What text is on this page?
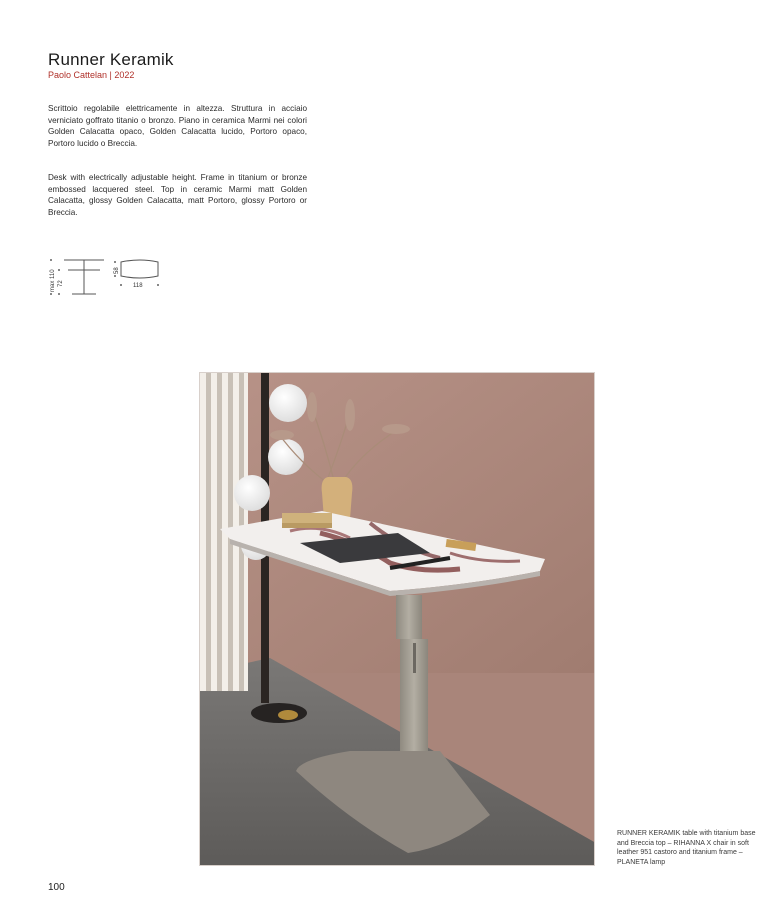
Runner Keramik
Paolo Cattelan | 2022
Scrittoio regolabile elettricamente in altezza. Struttura in acciaio verniciato goffrato titanio o bronzo. Piano in ceramica Marmi nei colori Golden Calacatta opaco, Golden Calacatta lucido, Portoro opaco, Portoro lucido o Breccia.
Desk with electrically adjustable height. Frame in titanium or bronze embossed lacquered steel. Top in ceramic Marmi matt Golden Calacatta, glossy Golden Calacatta, matt Portoro, glossy Portoro or Breccia.
max 110 72
58
118
RUNNER KERAMIK table with titanium base and Breccia top – RIHANNA X chair in soft leather 951 castoro and titanium frame – PLANETA lamp
100
